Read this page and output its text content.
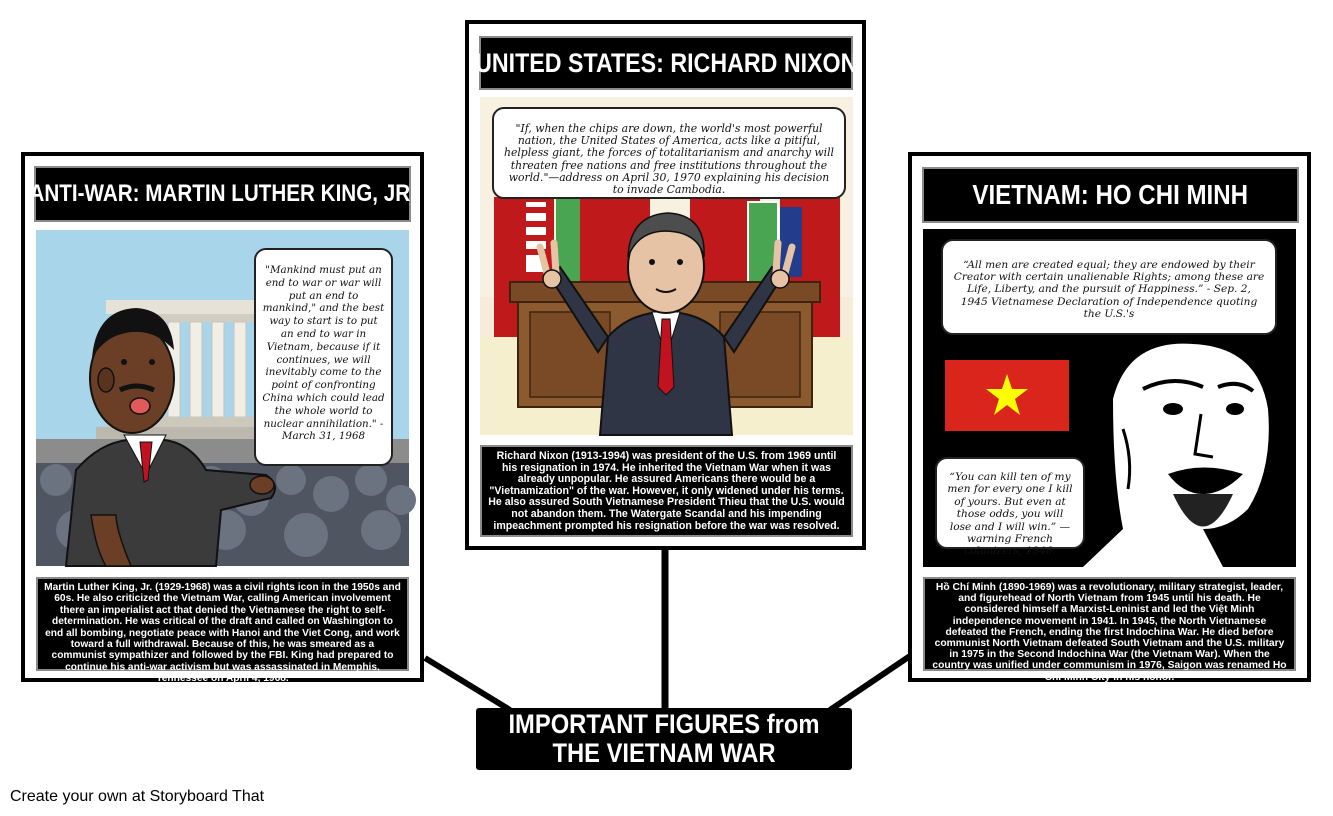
ANTI-WAR: MARTIN LUTHER KING, JR.
"Mankind must put an end to war or war will put an end to mankind," and the best way to start is to put an end to war in Vietnam, because if it continues, we will inevitably come to the point of confronting China which could lead the whole world to nuclear annihilation." - March 31, 1968
Martin Luther King, Jr. (1929-1968) was a civil rights icon in the 1950s and 60s. He also criticized the Vietnam War, calling American involvement there an imperialist act that denied the Vietnamese the right to self-determination. He was critical of the draft and called on Washington to end all bombing, negotiate peace with Hanoi and the Viet Cong, and work toward a full withdrawal. Because of this, he was smeared as a communist sympathizer and followed by the FBI. King had prepared to continue his anti-war activism but was assassinated in Memphis, Tennessee on April 4, 1968.
UNITED STATES: RICHARD NIXON
"If, when the chips are down, the world's most powerful nation, the United States of America, acts like a pitiful, helpless giant, the forces of totalitarianism and anarchy will threaten free nations and free institutions throughout the world."—address on April 30, 1970 explaining his decision to invade Cambodia.
Richard Nixon (1913-1994) was president of the U.S. from 1969 until his resignation in 1974. He inherited the Vietnam War when it was already unpopular. He assured Americans there would be a "Vietnamization" of the war. However, it only widened under his terms. He also assured South Vietnamese President Thieu that the U.S. would not abandon them. The Watergate Scandal and his impending impeachment prompted his resignation before the war was resolved.
VIETNAM: HO CHI MINH
“All men are created equal; they are endowed by their Creator with certain unalienable Rights; among these are Life, Liberty, and the pursuit of Happiness.” - Sep. 2, 1945 Vietnamese Declaration of Independence quoting the U.S.'s
“You can kill ten of my men for every one I kill of yours. But even at those odds, you will lose and I will win.” —warning French colonizers, 1946.
Hồ Chí Minh (1890-1969) was a revolutionary, military strategist, leader, and figurehead of North Vietnam from 1945 until his death. He considered himself a Marxist-Leninist and led the Việt Minh independence movement in 1941. In 1945, the North Vietnamese defeated the French, ending the first Indochina War. He died before communist North Vietnam defeated South Vietnam and the U.S. military in 1975 in the Second Indochina War (the Vietnam War). When the country was unified under communism in 1976, Saigon was renamed Ho Chi Minh City in his honor.
IMPORTANT FIGURES from THE VIETNAM WAR
Create your own at Storyboard That
